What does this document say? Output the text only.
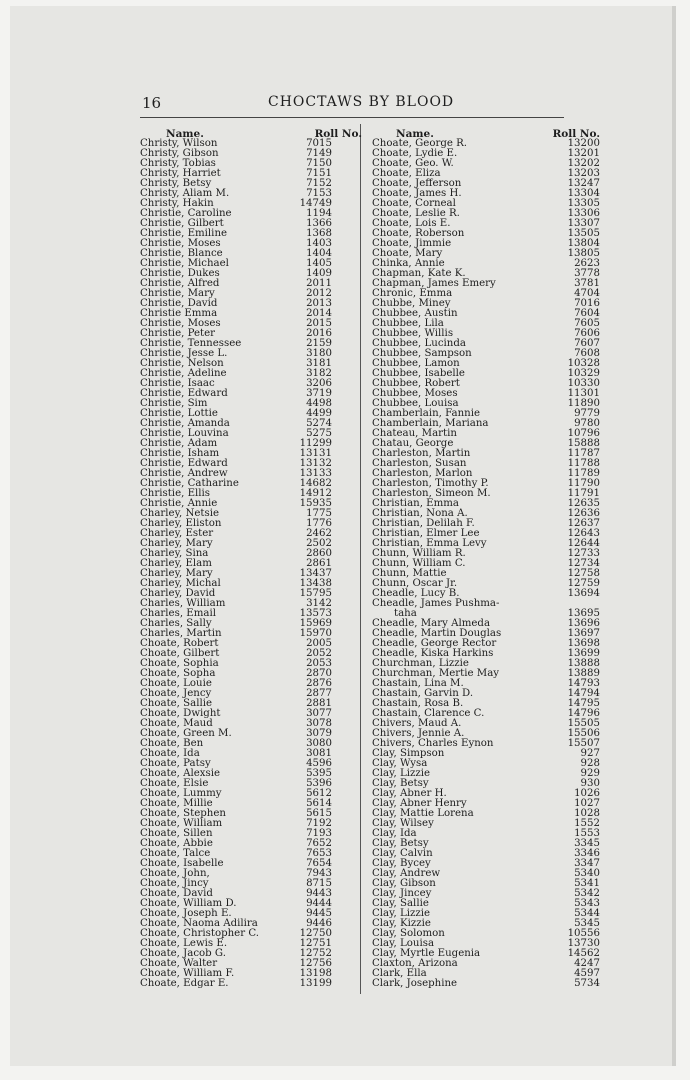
16	CHOCTAWS BY BLOOD
Name.	Roll No.
Christy, Wilson	7015
Christy, Gibson	7149
Christy, Tobias	7150
Christy, Harriet	7151
Christy, Betsy	7152
Christy, Aliam M.	7153
Christy, Hakin	14749
Christie, Caroline	1194
Christie, Gilbert	1366
Christie, Emiline	1368
Christie, Moses	1403
Christie, Blance	1404
Christie, Michael	1405
Christie, Dukes	1409
Christie, Alfred	2011
Christie, Mary	2012
Christie, David	2013
Christie Emma	2014
Christie, Moses	2015
Christie, Peter	2016
Christie, Tennessee	2159
Christie, Jesse L.	3180
Christie, Nelson	3181
Christie, Adeline	3182
Christie, Isaac	3206
Christie, Edward	3719
Christie, Sim	4498
Christie, Lottie	4499
Christie, Amanda	5274
Christie, Louvina	5275
Christie, Adam	11299
Christie, Isham	13131
Christie, Edward	13132
Christie, Andrew	13133
Christie, Catharine	14682
Christie, Ellis	14912
Christie, Annie	15935
Charley, Netsie	1775
Charley, Eliston	1776
Charley, Ester	2462
Charley, Mary	2502
Charley, Sina	2860
Charley, Elam	2861
Charley, Mary	13437
Charley, Michal	13438
Charley, David	15795
Charles, William	3142
Charles, Email	13573
Charles, Sally	15969
Charles, Martin	15970
Choate, Robert	2005
Choate, Gilbert	2052
Choate, Sophia	2053
Choate, Sopha	2870
Choate, Louie	2876
Choate, Jency	2877
Choate, Sallie	2881
Choate, Dwight	3077
Choate, Maud	3078
Choate, Green M.	3079
Choate, Ben	3080
Choate, Ida	3081
Choate, Patsy	4596
Choate, Alexsie	5395
Choate, Elsie	5396
Choate, Lummy	5612
Choate, Millie	5614
Choate, Stephen	5615
Choate, William	7192
Choate, Sillen	7193
Choate, Abbie	7652
Choate, Talce	7653
Choate, Isabelle	7654
Choate, John,	7943
Choate, Jincy	8715
Choate, David	9443
Choate, William D.	9444
Choate, Joseph E.	9445
Choate, Naoma Adilira	9446
Choate, Christopher C.	12750
Choate, Lewis E.	12751
Choate, Jacob G.	12752
Choate, Walter	12756
Choate, William F.	13198
Choate, Edgar E.	13199
Name.	Roll No.
Choate, George R.	13200
Choate, Lydie E.	13201
Choate, Geo. W.	13202
Choate, Eliza	13203
Choate, Jefferson	13247
Choate, James H.	13304
Choate, Corneal	13305
Choate, Leslie R.	13306
Choate, Lois E.	13307
Choate, Roberson	13505
Choate, Jimmie	13804
Choate, Mary	13805
Chinka, Annie	2623
Chapman, Kate K.	3778
Chapman, James Emery	3781
Chronic, Emma	4704
Chubbe, Miney	7016
Chubbee, Austin	7604
Chubbee, Lila	7605
Chubbee, Willis	7606
Chubbee, Lucinda	7607
Chubbee, Sampson	7608
Chubbee, Lamon	10328
Chubbee, Isabelle	10329
Chubbee, Robert	10330
Chubbee, Moses	11301
Chubbee, Louisa	11890
Chamberlain, Fannie	9779
Chamberlain, Mariana	9780
Chateau, Martin	10796
Chatau, George	15888
Charleston, Martin	11787
Charleston, Susan	11788
Charleston, Marlon	11789
Charleston, Timothy P.	11790
Charleston, Simeon M.	11791
Christian, Emma	12635
Christian, Nona A.	12636
Christian, Delilah F.	12637
Christian, Elmer Lee	12643
Christian, Emma Levy	12644
Chunn, William R.	12733
Chunn, William C.	12734
Chunn, Mattie	12758
Chunn, Oscar Jr.	12759
Cheadle, Lucy B.	13694
Cheadle, James Pushma-
taha	13695
Cheadle, Mary Almeda	13696
Cheadle, Martin Douglas	13697
Cheadle, George Rector	13698
Cheadle, Kiska Harkins	13699
Churchman, Lizzie	13888
Churchman, Mertie May	13889
Chastain, Lina M.	14793
Chastain, Garvin D.	14794
Chastain, Rosa B.	14795
Chastain, Clarence C.	14796
Chivers, Maud A.	15505
Chivers, Jennie A.	15506
Chivers, Charles Eynon	15507
Clay, Simpson	927
Clay, Wysa	928
Clay, Lizzie	929
Clay, Betsy	930
Clay, Abner H.	1026
Clay, Abner Henry	1027
Clay, Mattie Lorena	1028
Clay, Wilsey	1552
Clay, Ida	1553
Clay, Betsy	3345
Clay, Calvin	3346
Clay, Bycey	3347
Clay, Andrew	5340
Clay, Gibson	5341
Clay, Jincey	5342
Clay, Sallie	5343
Clay, Lizzie	5344
Clay, Kizzie	5345
Clay, Solomon	10556
Clay, Louisa	13730
Clay, Myrtle Eugenia	14562
Claxton, Arizona	4247
Clark, Ella	4597
Clark, Josephine	5734
